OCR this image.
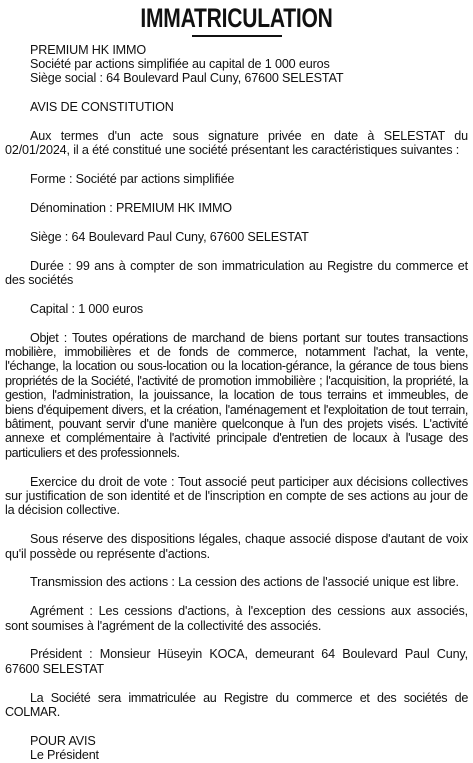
IMMATRICULATION

PREMIUM HK IMMO

Société par actions simplifiée au capital de 1 000 euros

Siège social : 64 Boulevard Paul Cuny, 67600 SELESTAT

AVIS DE CONSTITUTION

Aux termes d'un acte sous signature privée en date à SELESTAT du 02/01/2024, il a été constitué une société présentant les caractéristiques suivantes :

Forme : Société par actions simplifiée

Dénomination : PREMIUM HK IMMO

Siège : 64 Boulevard Paul Cuny, 67600 SELESTAT

Durée : 99 ans à compter de son immatriculation au Registre du commerce et des sociétés

Capital : 1 000 euros

Objet : Toutes opérations de marchand de biens portant sur toutes transactions mobilière, immobilières et de fonds de commerce, notamment l'achat, la vente, l'échange, la location ou sous-location ou la location-gérance, la gérance de tous biens propriétés de la Société, l'activité de promotion immobilière ; l'acquisition, la propriété, la gestion, l'administration, la jouissance, la location de tous terrains et immeubles, de biens d'équipement divers, et la création, l'aménagement et l'exploitation de tout terrain, bâtiment, pouvant servir d'une manière quelconque à l'un des projets visés. L'activité annexe et complémentaire à l'activité principale d'entretien de locaux à l'usage des particuliers et des professionnels.

Exercice du droit de vote : Tout associé peut participer aux décisions collectives sur justification de son identité et de l'inscription en compte de ses actions au jour de la décision collective.

Sous réserve des dispositions légales, chaque associé dispose d'autant de voix qu'il possède ou représente d'actions.

Transmission des actions : La cession des actions de l'associé unique est libre.

Agrément : Les cessions d'actions, à l'exception des cessions aux associés, sont soumises à l'agrément de la collectivité des associés.

Président : Monsieur Hüseyin KOCA, demeurant 64 Boulevard Paul Cuny, 67600 SELESTAT

La Société sera immatriculée au Registre du commerce et des sociétés de COLMAR.

POUR AVIS

Le Président
